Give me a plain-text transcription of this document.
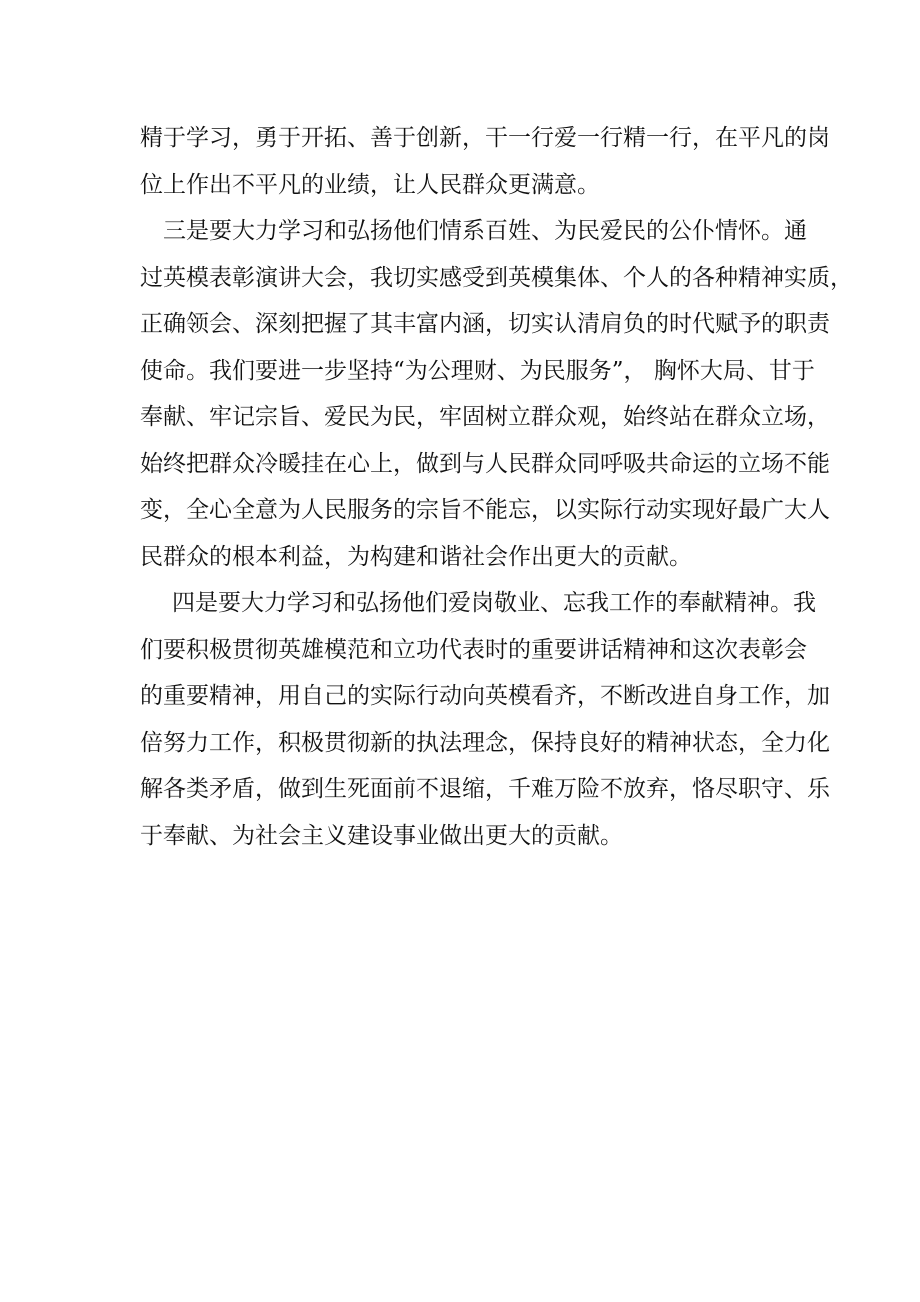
精于学习，勇于开拓、善于创新，干一行爱一行精一行，在平凡的岗
位上作出不平凡的业绩，让人民群众更满意。
　三是要大力学习和弘扬他们情系百姓、为民爱民的公仆情怀。通
过英模表彰演讲大会，我切实感受到英模集体、个人的各种精神实质，
正确领会、深刻把握了其丰富内涵，切实认清肩负的时代赋予的职责
使命。我们要进一步坚持“为公理财、为民服务”， 胸怀大局、甘于
奉献、牢记宗旨、爱民为民，牢固树立群众观，始终站在群众立场，
始终把群众冷暖挂在心上，做到与人民群众同呼吸共命运的立场不能
变，全心全意为人民服务的宗旨不能忘，以实际行动实现好最广大人
民群众的根本利益，为构建和谐社会作出更大的贡献。
四是要大力学习和弘扬他们爱岗敬业、忘我工作的奉献精神。我
们要积极贯彻英雄模范和立功代表时的重要讲话精神和这次表彰会
的重要精神，用自己的实际行动向英模看齐，不断改进自身工作，加
倍努力工作，积极贯彻新的执法理念，保持良好的精神状态，全力化
解各类矛盾，做到生死面前不退缩，千难万险不放弃，恪尽职守、乐
于奉献、为社会主义建设事业做出更大的贡献。
